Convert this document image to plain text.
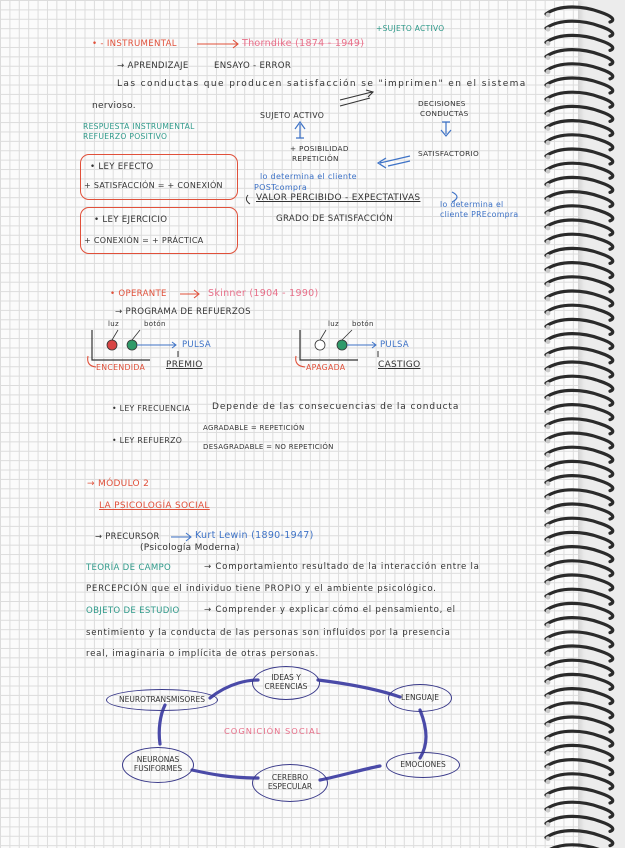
• - INSTRUMENTAL	Thorndike (1874 - 1949)
+SUJETO ACTIVO
→ APRENDIZAJE	ENSAYO - ERROR
Las conductas que producen satisfacción se "imprimen" en el sistema
nervioso.
RESPUESTA INSTRUMENTAL
REFUERZO POSITIVO
SUJETO ACTIVO
DECISIONES
CONDUCTAS
+ POSIBILIDAD
REPETICIÓN
SATISFACTORIO
lo determina el cliente
POSTcompra
VALOR PERCIBIDO - EXPECTATIVAS
lo determina el
cliente PREcompra
GRADO DE SATISFACCIÓN
• LEY EFECTO
+ SATISFACCIÓN = + CONEXIÓN
• LEY EJERCICIO
+ CONEXIÓN = + PRÁCTICA
• OPERANTE	Skinner (1904 - 1990)
→ PROGRAMA DE REFUERZOS
luz	botón
PULSA
ENCENDIDA PREMIO
luz botón
PULSA
APAGADA	CASTIGO
• LEY FRECUENCIA Depende de las consecuencias de la conducta
AGRADABLE = REPETICIÓN
• LEY REFUERZO
DESAGRADABLE = NO REPETICIÓN
→ MÓDULO 2
LA PSICOLOGÍA SOCIAL
→ PRECURSOR	Kurt Lewin (1890-1947)
(Psicología Moderna)
TEORÍA DE CAMPO	→ Comportamiento resultado de la interacción entre la
PERCEPCIÓN que el individuo tiene PROPIO y el ambiente psicológico.
OBJETO DE ESTUDIO	→ Comprender y explicar cómo el pensamiento, el
sentimiento y la conducta de las personas son influidos por la presencia
real, imaginaria o implícita de otras personas.
COGNICIÓN SOCIAL
IDEAS Y CREENCIAS
NEUROTRANSMISORES	LENGUAJE
NEURONAS FUSIFORMES	EMOCIONES
CEREBRO ESPECULAR
